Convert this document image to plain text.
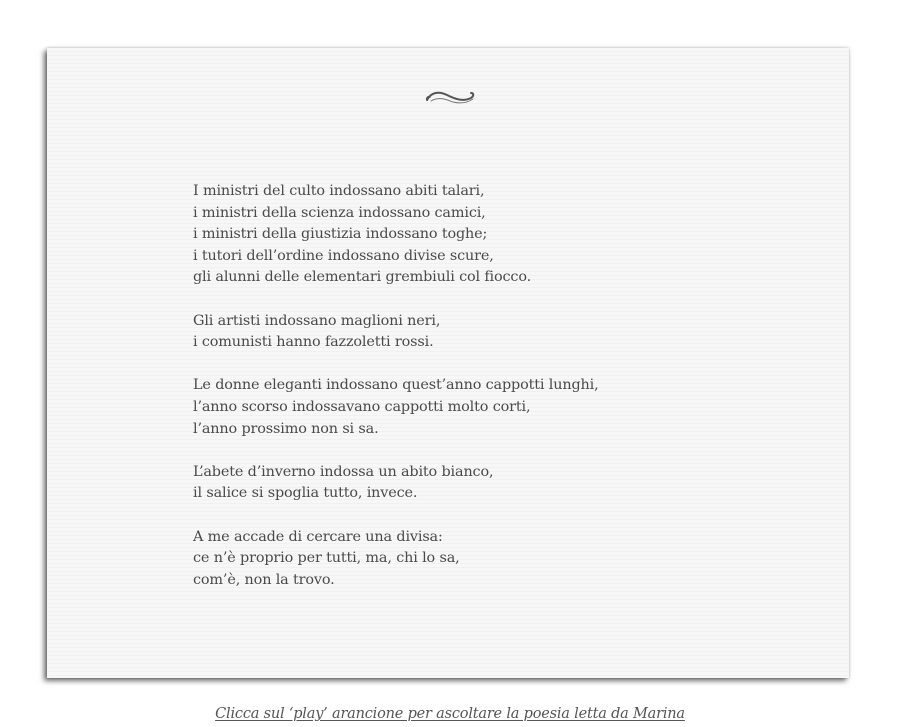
I ministri del culto indossano abiti talari,
i ministri della scienza indossano camici,
i ministri della giustizia indossano toghe;
i tutori dell’ordine indossano divise scure,
gli alunni delle elementari grembiuli col fiocco.
Gli artisti indossano maglioni neri,
i comunisti hanno fazzoletti rossi.
Le donne eleganti indossano quest’anno cappotti lunghi,
l’anno scorso indossavano cappotti molto corti,
l’anno prossimo non si sa.
L’abete d’inverno indossa un abito bianco,
il salice si spoglia tutto, invece.
A me accade di cercare una divisa:
ce n’è proprio per tutti, ma, chi lo sa,
com’è, non la trovo.
Clicca sul ‘play’ arancione per ascoltare la poesia letta da Marina
